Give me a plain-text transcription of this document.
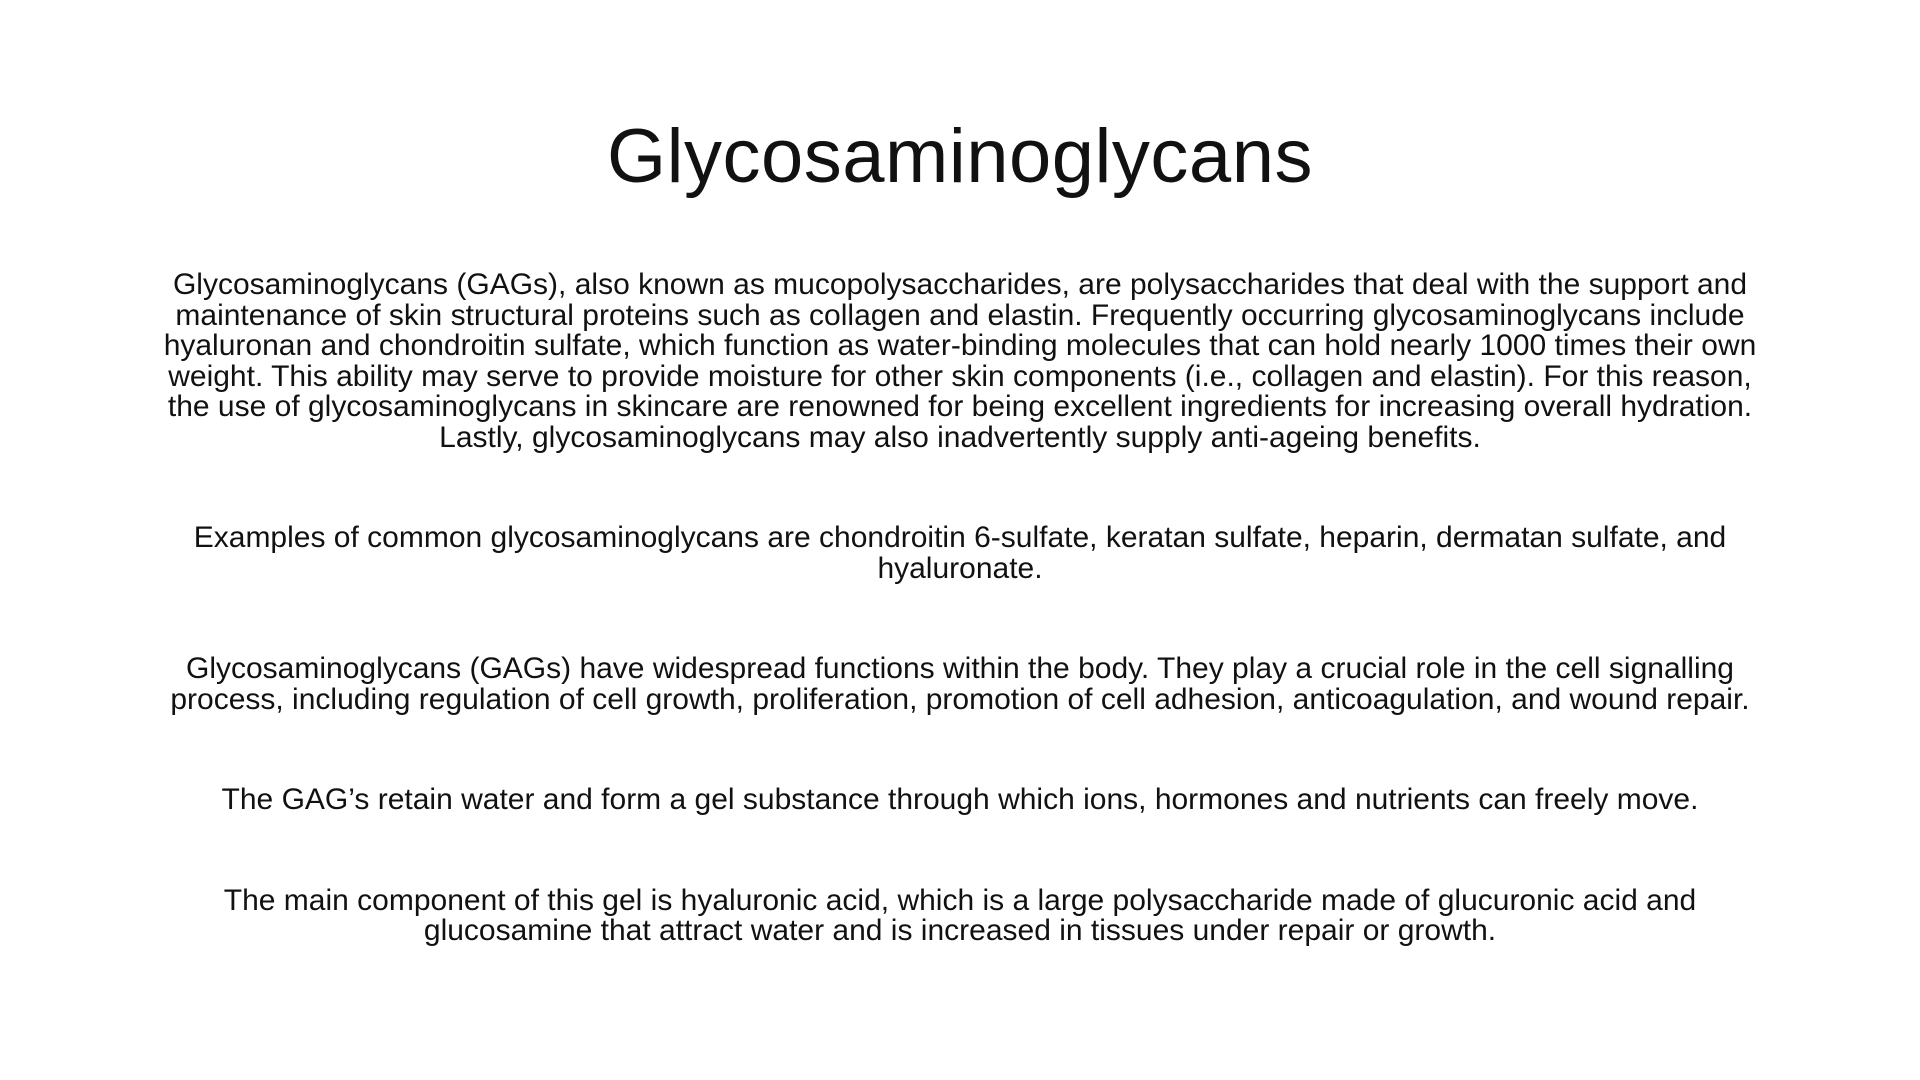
Glycosaminoglycans

Glycosaminoglycans (GAGs), also known as mucopolysaccharides, are polysaccharides that deal with the support and maintenance of skin structural proteins such as collagen and elastin. Frequently occurring glycosaminoglycans include hyaluronan and chondroitin sulfate, which function as water-binding molecules that can hold nearly 1000 times their own weight. This ability may serve to provide moisture for other skin components (i.e., collagen and elastin). For this reason, the use of glycosaminoglycans in skincare are renowned for being excellent ingredients for increasing overall hydration. Lastly, glycosaminoglycans may also inadvertently supply anti-ageing benefits.

Examples of common glycosaminoglycans are chondroitin 6-sulfate, keratan sulfate, heparin, dermatan sulfate, and hyaluronate.

Glycosaminoglycans (GAGs) have widespread functions within the body. They play a crucial role in the cell signalling process, including regulation of cell growth, proliferation, promotion of cell adhesion, anticoagulation, and wound repair.

The GAG’s retain water and form a gel substance through which ions, hormones and nutrients can freely move.

The main component of this gel is hyaluronic acid, which is a large polysaccharide made of glucuronic acid and glucosamine that attract water and is increased in tissues under repair or growth.
